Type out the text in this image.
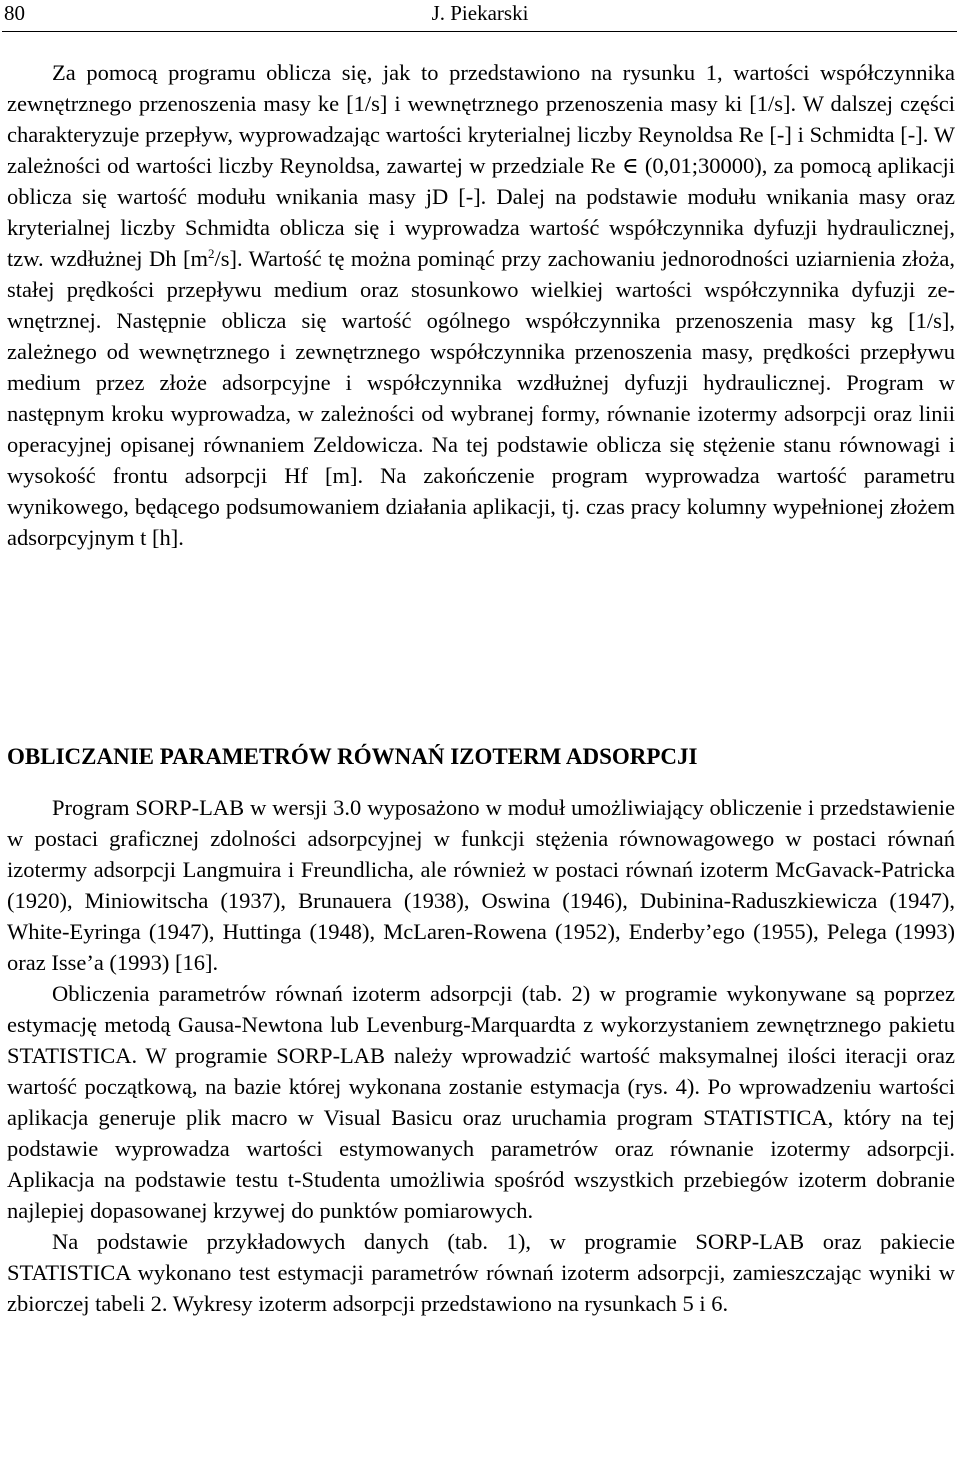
80	J. Piekarski

Za pomocą programu oblicza się, jak to przedstawiono na rysunku 1, wartości współczynnika zewnętrznego przenoszenia masy ke [1/s] i wewnętrznego przenoszenia masy ki [1/s]. W dalszej części charakteryzuje przepływ, wyprowadzając wartości kryterialnej liczby Reynoldsa Re [-] i Schmidta [-]. W zależności od wartości liczby Reynoldsa, zawartej w przedziale Re ∈ (0,01;30000), za pomocą aplikacji oblicza się wartość modułu wnikania masy jD [-]. Dalej na podstawie modułu wnikania masy oraz kryterialnej liczby Schmidta oblicza się i wyprowadza wartość współczynnika dyfuzji hydraulicznej, tzw. wzdłużnej Dh $[m^2/s]$. Wartość tę można pominąć przy zachowaniu jednorodności uziarnienia złoża, stałej prędkości przepływu medium oraz stosunkowo wielkiej wartości współczynnika dyfuzji zewnętrznej. Następnie oblicza się wartość ogólnego współczynnika przenoszenia masy kg [1/s], zależnego od wewnętrznego i zewnętrznego współczynnika przenoszenia masy, prędkości przepływu medium przez złoże adsorpcyjne i współczynnika wzdłużnej dyfuzji hydraulicznej. Program w następnym kroku wyprowadza, w zależności od wybranej formy, równanie izotermy adsorpcji oraz linii operacyjnej opisanej równaniem Zeldowicza. Na tej podstawie oblicza się stężenie stanu równowagi i wysokość frontu adsorpcji Hf [m]. Na zakończenie program wyprowadza wartość parametru wynikowego, będącego podsumowaniem działania aplikacji, tj. czas pracy kolumny wypełnionej złożem adsorpcyjnym t [h].

OBLICZANIE PARAMETRÓW RÓWNAŃ IZOTERM ADSORPCJI

Program SORP-LAB w wersji 3.0 wyposażono w moduł umożliwiający obliczenie i przedstawienie w postaci graficznej zdolności adsorpcyjnej w funkcji stężenia równowagowego w postaci równań izotermy adsorpcji Langmuira i Freundlicha, ale również w postaci równań izoterm McGavack-Patricka (1920), Miniowitscha (1937), Brunauera (1938), Oswina (1946), Dubinina-Raduszkiewicza (1947), White-Eyringa (1947), Huttinga (1948), McLaren-Rowena (1952), Enderby’ego (1955), Pelega (1993) oraz Isse’a (1993) [16].

Obliczenia parametrów równań izoterm adsorpcji (tab. 2) w programie wykonywane są poprzez estymację metodą Gausa-Newtona lub Levenburg-Marquardta z wykorzystaniem zewnętrznego pakietu STATISTICA. W programie SORP-LAB należy wprowadzić wartość maksymalnej ilości iteracji oraz wartość początkową, na bazie której wykonana zostanie estymacja (rys. 4). Po wprowadzeniu wartości aplikacja generuje plik macro w Visual Basicu oraz uruchamia program STATISTICA, który na tej podstawie wyprowadza wartości estymowanych parametrów oraz równanie izotermy adsorpcji. Aplikacja na podstawie testu t-Studenta umożliwia spośród wszystkich przebiegów izoterm dobranie najlepiej dopasowanej krzywej do punktów pomiarowych.

Na podstawie przykładowych danych (tab. 1), w programie SORP-LAB oraz pakiecie STATISTICA wykonano test estymacji parametrów równań izoterm adsorpcji, zamieszczając wyniki w zbiorczej tabeli 2. Wykresy izoterm adsorpcji przedstawiono na rysunkach 5 i 6.
